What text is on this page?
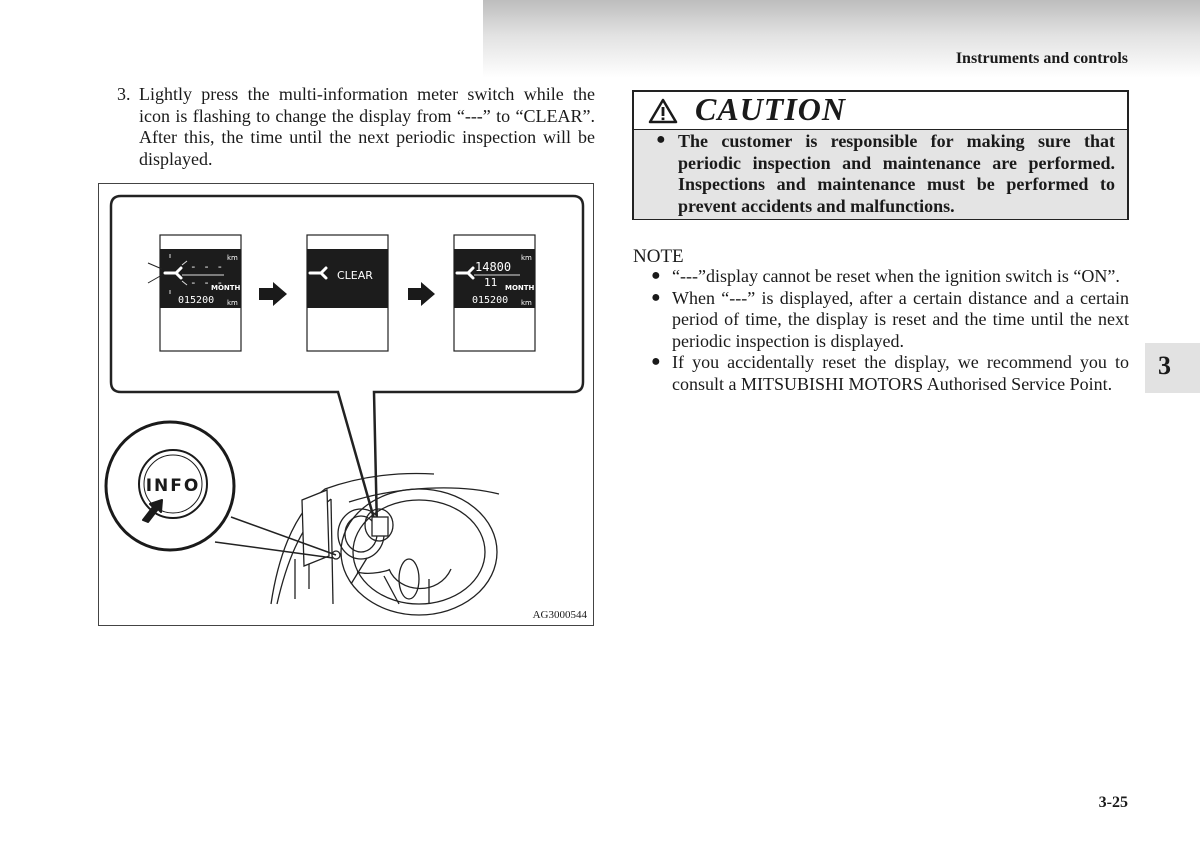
Instruments and controls
3. Lightly press the multi-information meter switch while the icon is flashing to change the display from “---” to “CLEAR”. After this, the time until the next periodic inspection will be displayed.
- - -
- - -
km
MONTH
015200 km
CLEAR
14800
11
km
MONTH
015200 km
INFO
AG3000544
CAUTION
● The customer is responsible for making sure that periodic inspection and maintenance are performed. Inspections and maintenance must be performed to prevent accidents and malfunctions.
NOTE
● “---”display cannot be reset when the ignition switch is “ON”.
● When “---” is displayed, after a certain distance and a certain period of time, the display is reset and the time until the next periodic inspection is displayed.
● If you accidentally reset the display, we recommend you to consult a MITSUBISHI MOTORS Authorised Service Point.
3
3-25
